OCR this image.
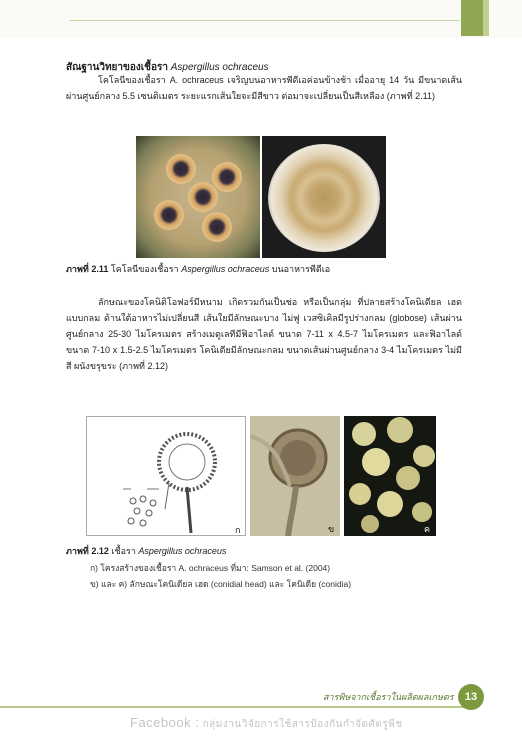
สัณฐานวิทยาของเชื้อรา Aspergillus ochraceus

โคโลนีของเชื้อรา A. ochraceus เจริญบนอาหารพีดีเอค่อนข้างช้า เมื่ออายุ 14 วัน มีขนาดเส้นผ่านศูนย์กลาง 5.5 เซนติเมตร ระยะแรกเส้นใยจะมีสีขาว ต่อมาจะเปลี่ยนเป็นสีเหลือง (ภาพที่ 2.11)

ภาพที่ 2.11 โคโลนีของเชื้อรา Aspergillus ochraceus บนอาหารพีดีเอ

ลักษณะของโคนิดิโอฟอร์มีหนาม เกิดรวมกันเป็นช่อ หรือเป็นกลุ่ม ที่ปลายสร้างโคนิเดียล เฮด แบบกลม ด้านใต้อาหารไม่เปลี่ยนสี เส้นใยมีลักษณะบาง ไม่ฟู เวสซิเคิลมีรูปร่างกลม (globose) เส้นผ่านศูนย์กลาง 25-30 ไมโครเมตร สร้างเมตูเลทีมีฟิอาไลด์ ขนาด 7-11 x 4.5-7 ไมโครเมตร และฟิอาไลด์ขนาด 7-10 x 1.5-2.5 ไมโครเมตร โคนิเดียมีลักษณะกลม ขนาดเส้นผ่านศูนย์กลาง 3-4 ไมโครเมตร ไม่มีสี ผนังขรุขระ (ภาพที่ 2.12)

ก	ข	ค
ภาพที่ 2.12 เชื้อรา Aspergillus ochraceus
ก) โครงสร้างของเชื้อรา A. ochraceus ที่มา: Samson et al. (2004)
ข) และ ค) ลักษณะโคนิเดียล เฮด (conidial head) และ โคนิเดีย (conidia)
สารพิษจากเชื้อราในผลิตผลเกษตร	13
Facebook : กลุ่มงานวิจัยการใช้สารป้องกันกำจัดศัตรูพืช
